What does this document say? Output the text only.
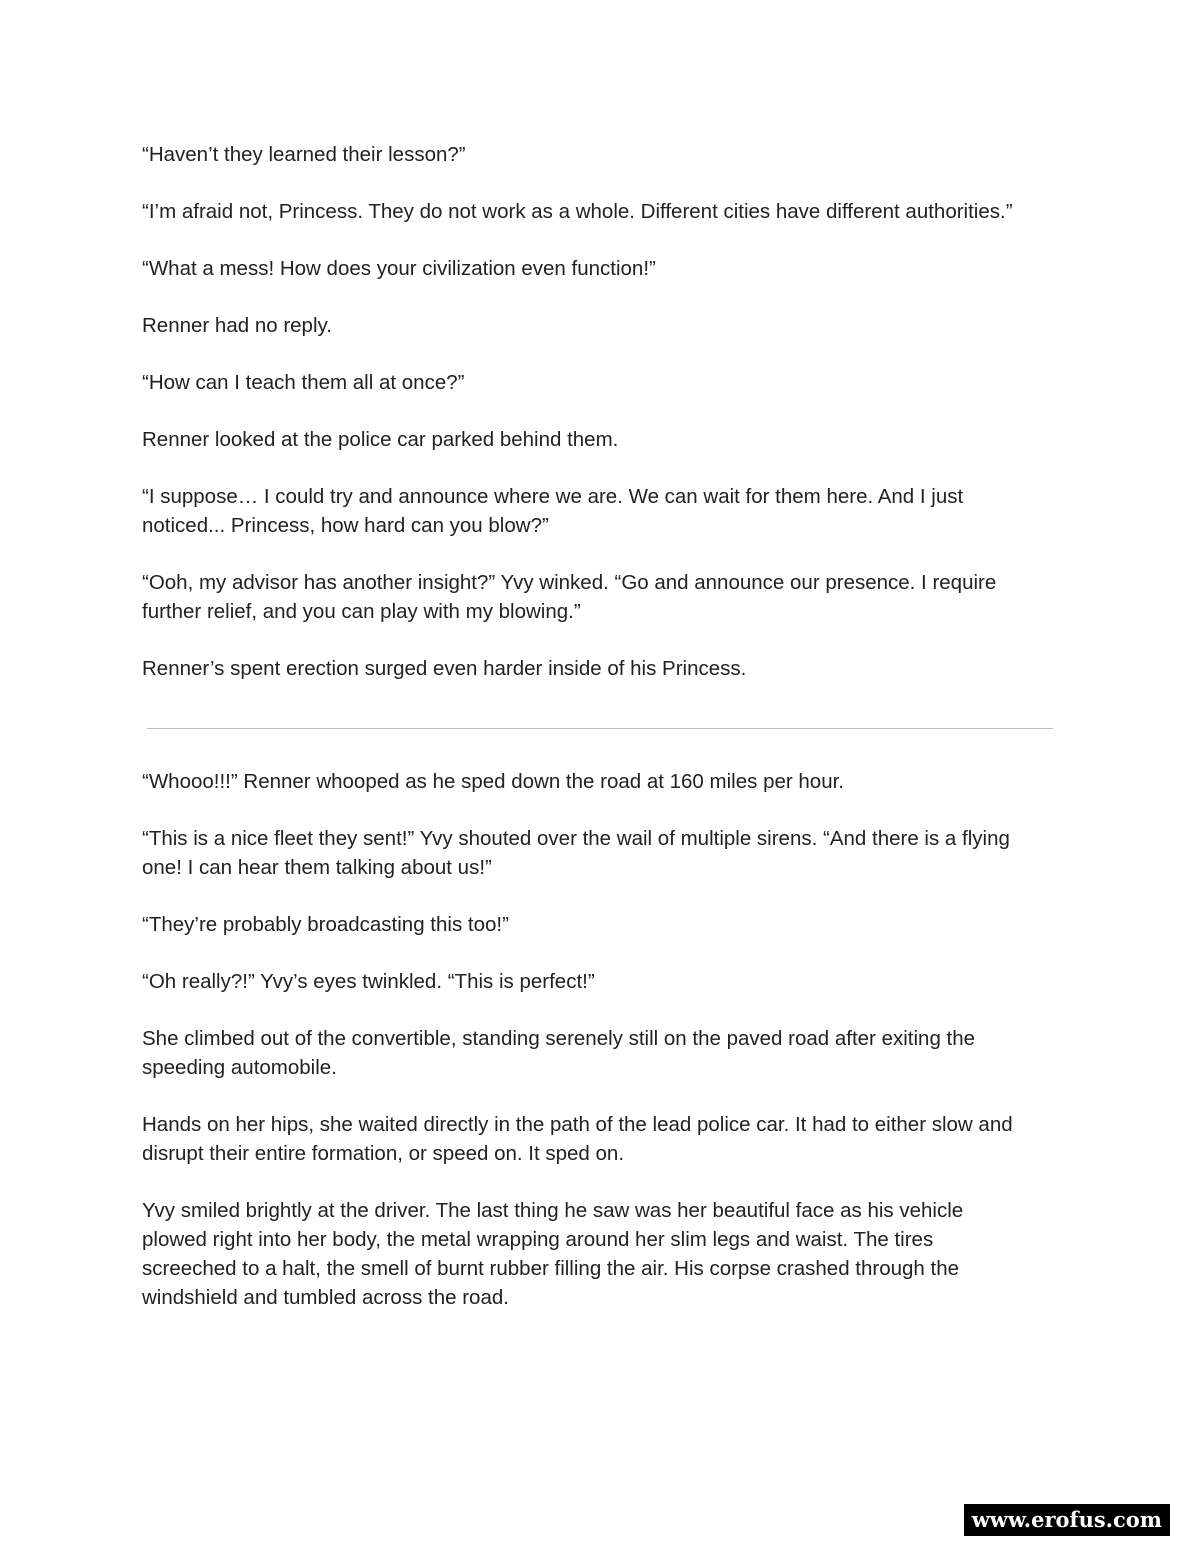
“Haven’t they learned their lesson?”

“I’m afraid not, Princess. They do not work as a whole. Different cities have different authorities.”

“What a mess! How does your civilization even function!”

Renner had no reply.

“How can I teach them all at once?”

Renner looked at the police car parked behind them.

“I suppose… I could try and announce where we are. We can wait for them here. And I just
noticed... Princess, how hard can you blow?”

“Ooh, my advisor has another insight?” Yvy winked. “Go and announce our presence. I require
further relief, and you can play with my blowing.”

Renner’s spent erection surged even harder inside of his Princess.

“Whooo!!!” Renner whooped as he sped down the road at 160 miles per hour.

“This is a nice fleet they sent!” Yvy shouted over the wail of multiple sirens. “And there is a flying
one! I can hear them talking about us!”

“They’re probably broadcasting this too!”

“Oh really?!” Yvy’s eyes twinkled. “This is perfect!”

She climbed out of the convertible, standing serenely still on the paved road after exiting the
speeding automobile.

Hands on her hips, she waited directly in the path of the lead police car. It had to either slow and
disrupt their entire formation, or speed on. It sped on.

Yvy smiled brightly at the driver. The last thing he saw was her beautiful face as his vehicle
plowed right into her body, the metal wrapping around her slim legs and waist. The tires
screeched to a halt, the smell of burnt rubber filling the air. His corpse crashed through the
windshield and tumbled across the road.

www.erofus.com
